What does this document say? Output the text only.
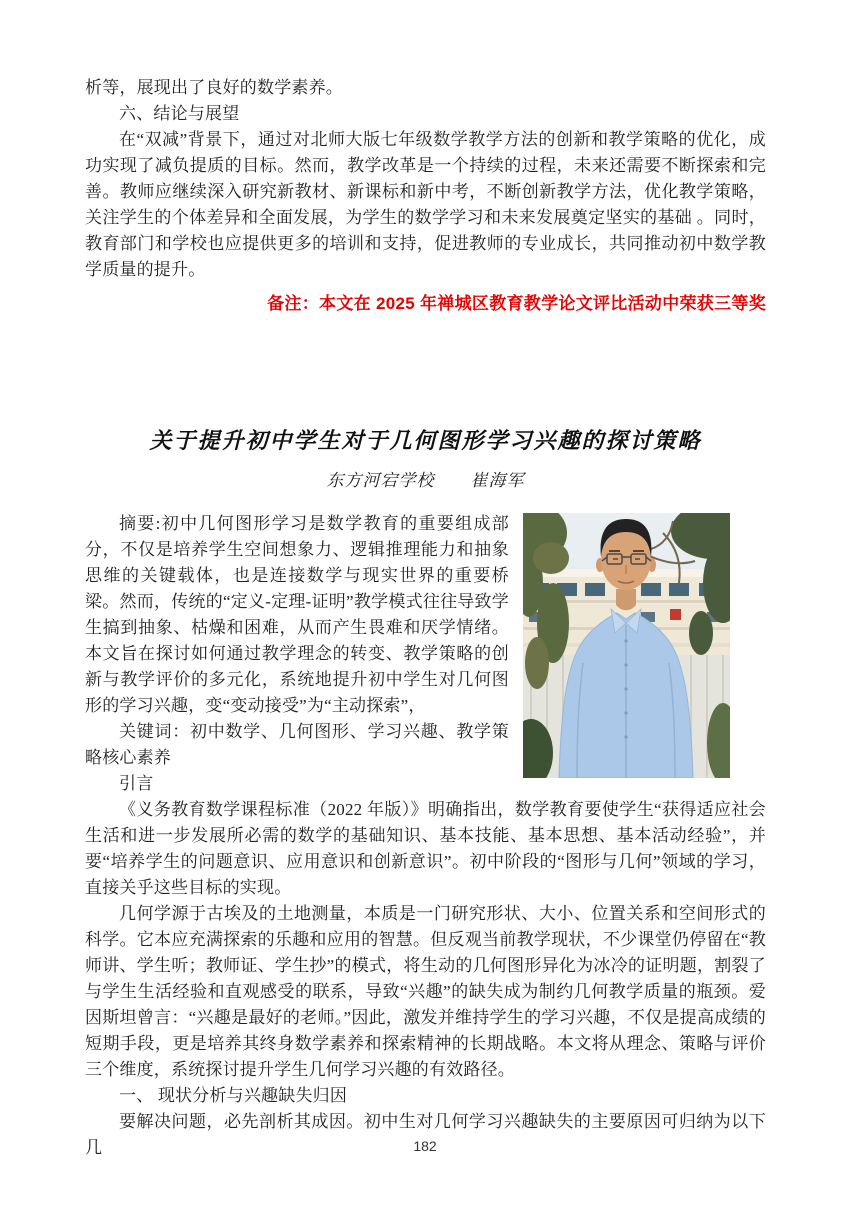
析等，展现出了良好的数学素养。

六、结论与展望

在“双减”背景下，通过对北师大版七年级数学教学方法的创新和教学策略的优化，成功实现了减负提质的目标。然而，教学改革是一个持续的过程，未来还需要不断探索和完善。教师应继续深入研究新教材、新课标和新中考，不断创新教学方法，优化教学策略，关注学生的个体差异和全面发展，为学生的数学学习和未来发展奠定坚实的基础 。同时，教育部门和学校也应提供更多的培训和支持，促进教师的专业成长，共同推动初中数学教学质量的提升。

备注：本文在 2025 年禅城区教育教学论文评比活动中荣获三等奖

关于提升初中学生对于几何图形学习兴趣的探讨策略

东方河宕学校　　崔海军

摘要:初中几何图形学习是数学教育的重要组成部分，不仅是培养学生空间想象力、逻辑推理能力和抽象思维的关键载体，也是连接数学与现实世界的重要桥梁。然而，传统的“定义-定理-证明”教学模式往往导致学生搞到抽象、枯燥和困难，从而产生畏难和厌学情绪。本文旨在探讨如何通过教学理念的转变、教学策略的创新与教学评价的多元化，系统地提升初中学生对几何图形的学习兴趣，变“变动接受”为“主动探索”，

关键词：初中数学、几何图形、学习兴趣、教学策略核心素养

引言

《义务教育数学课程标准（2022 年版）》明确指出，数学教育要使学生“获得适应社会生活和进一步发展所必需的数学的基础知识、基本技能、基本思想、基本活动经验”，并要“培养学生的问题意识、应用意识和创新意识”。初中阶段的“图形与几何”领域的学习，直接关乎这些目标的实现。

几何学源于古埃及的土地测量，本质是一门研究形状、大小、位置关系和空间形式的科学。它本应充满探索的乐趣和应用的智慧。但反观当前教学现状，不少课堂仍停留在“教师讲、学生听；教师证、学生抄”的模式，将生动的几何图形异化为冰冷的证明题，割裂了与学生生活经验和直观感受的联系，导致“兴趣”的缺失成为制约几何教学质量的瓶颈。爱因斯坦曾言：“兴趣是最好的老师。”因此，激发并维持学生的学习兴趣，不仅是提高成绩的短期手段，更是培养其终身数学素养和探索精神的长期战略。本文将从理念、策略与评价三个维度，系统探讨提升学生几何学习兴趣的有效路径。

一、 现状分析与兴趣缺失归因

要解决问题，必先剖析其成因。初中生对几何学习兴趣缺失的主要原因可归纳为以下几	182
